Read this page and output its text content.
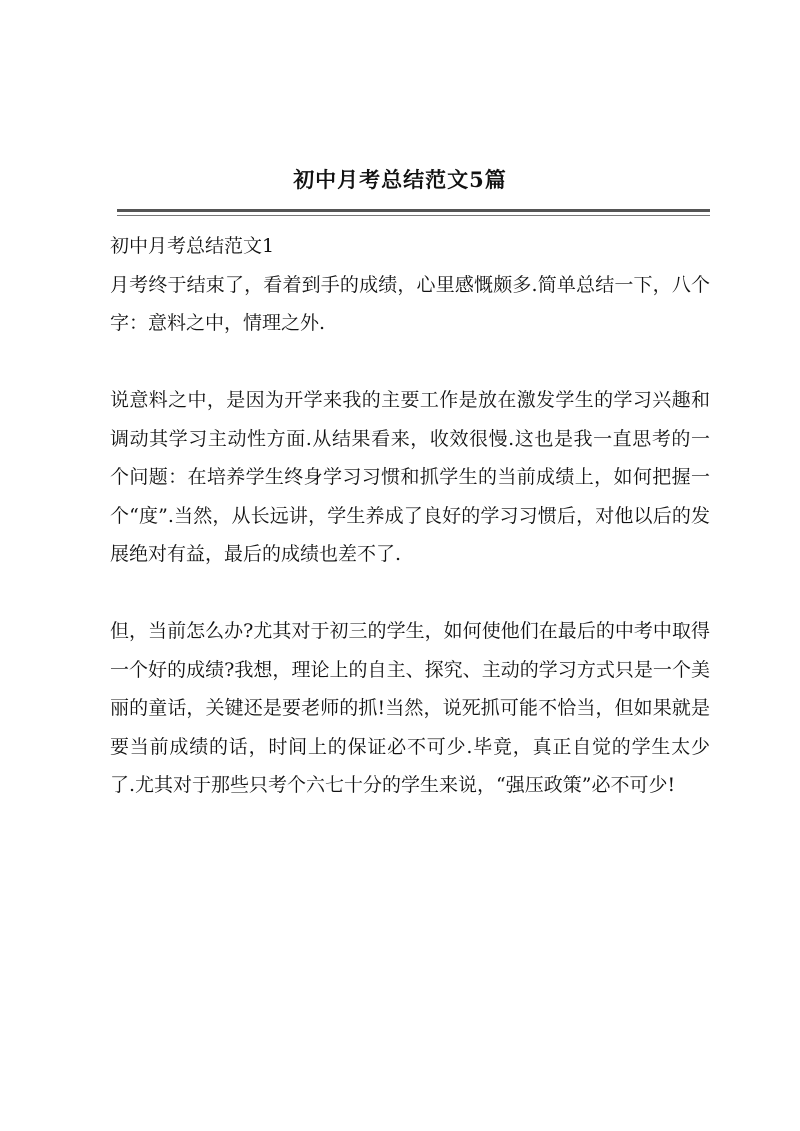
初中月考总结范文5篇

初中月考总结范文1

月考终于结束了，看着到手的成绩，心里感慨颇多.简单总结一下，八个字：意料之中，情理之外.

说意料之中，是因为开学来我的主要工作是放在激发学生的学习兴趣和调动其学习主动性方面.从结果看来，收效很慢.这也是我一直思考的一个问题：在培养学生终身学习习惯和抓学生的当前成绩上，如何把握一个“度”.当然，从长远讲，学生养成了良好的学习习惯后，对他以后的发展绝对有益，最后的成绩也差不了.

但，当前怎么办?尤其对于初三的学生，如何使他们在最后的中考中取得一个好的成绩?我想，理论上的自主、探究、主动的学习方式只是一个美丽的童话，关键还是要老师的抓!当然，说死抓可能不恰当，但如果就是要当前成绩的话，时间上的保证必不可少.毕竟，真正自觉的学生太少了.尤其对于那些只考个六七十分的学生来说，“强压政策”必不可少!
